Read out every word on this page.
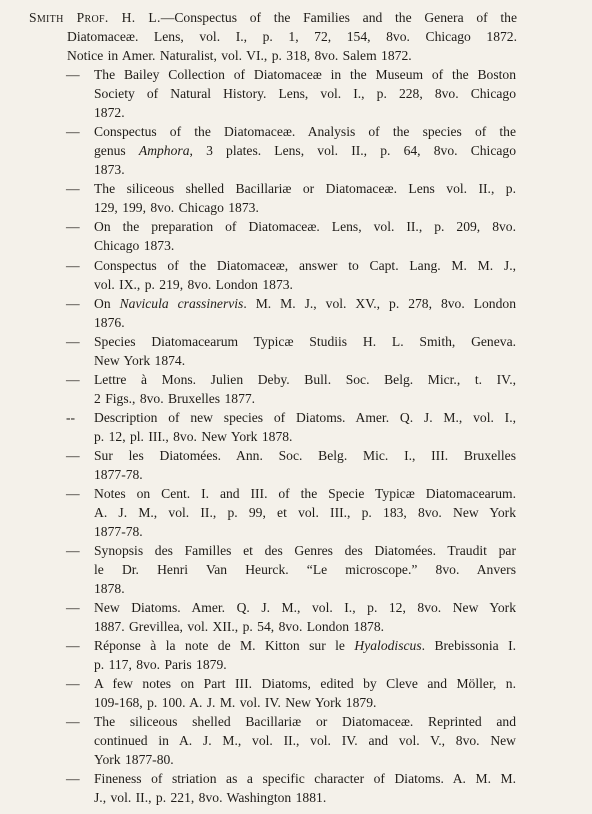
Smith Prof. H. L.—Conspectus of the Families and the Genera of the
Diatomaceæ. Lens, vol. I., p. 1, 72, 154, 8vo. Chicago 1872.
Notice in Amer. Naturalist, vol. VI., p. 318, 8vo. Salem 1872.
— The Bailey Collection of Diatomaceæ in the Museum of the Boston
Society of Natural History. Lens, vol. I., p. 228, 8vo. Chicago
1872.
— Conspectus of the Diatomaceæ. Analysis of the species of the
genus Amphora, 3 plates. Lens, vol. II., p. 64, 8vo. Chicago
1873.
— The siliceous shelled Bacillariæ or Diatomaceæ. Lens vol. II., p.
129, 199, 8vo. Chicago 1873.
— On the preparation of Diatomaceæ. Lens, vol. II., p. 209, 8vo.
Chicago 1873.
— Conspectus of the Diatomaceæ, answer to Capt. Lang. M. M. J.,
vol. IX., p. 219, 8vo. London 1873.
— On Navicula crassinervis. M. M. J., vol. XV., p. 278, 8vo. London
1876.
— Species Diatomacearum Typicæ Studiis H. L. Smith, Geneva.
New York 1874.
— Lettre à Mons. Julien Deby. Bull. Soc. Belg. Micr., t. IV.,
2 Figs., 8vo. Bruxelles 1877.
--	Description of new species of Diatoms. Amer. Q. J. M., vol. I.,
p. 12, pl. III., 8vo. New York 1878.
— Sur les Diatomées. Ann. Soc. Belg. Mic. I., III. Bruxelles
1877-78.
— Notes on Cent. I. and III. of the Specie Typicæ Diatomacearum.
A. J. M., vol. II., p. 99, et vol. III., p. 183, 8vo. New York
1877-78.
— Synopsis des Familles et des Genres des Diatomées. Traudit par
le Dr. Henri Van Heurck. “Le microscope.” 8vo. Anvers
1878.
— New Diatoms. Amer. Q. J. M., vol. I., p. 12, 8vo. New York
1887. Grevillea, vol. XII., p. 54, 8vo. London 1878.
— Réponse à la note de M. Kitton sur le Hyalodiscus. Brebissonia I.
p. 117, 8vo. Paris 1879.
— A few notes on Part III. Diatoms, edited by Cleve and Möller, n.
109-168, p. 100. A. J. M. vol. IV. New York 1879.
— The siliceous shelled Bacillariæ or Diatomaceæ. Reprinted and
continued in A. J. M., vol. II., vol. IV. and vol. V., 8vo. New
York 1877-80.
— Fineness of striation as a specific character of Diatoms. A. M. M.
J., vol. II., p. 221, 8vo. Washington 1881.
